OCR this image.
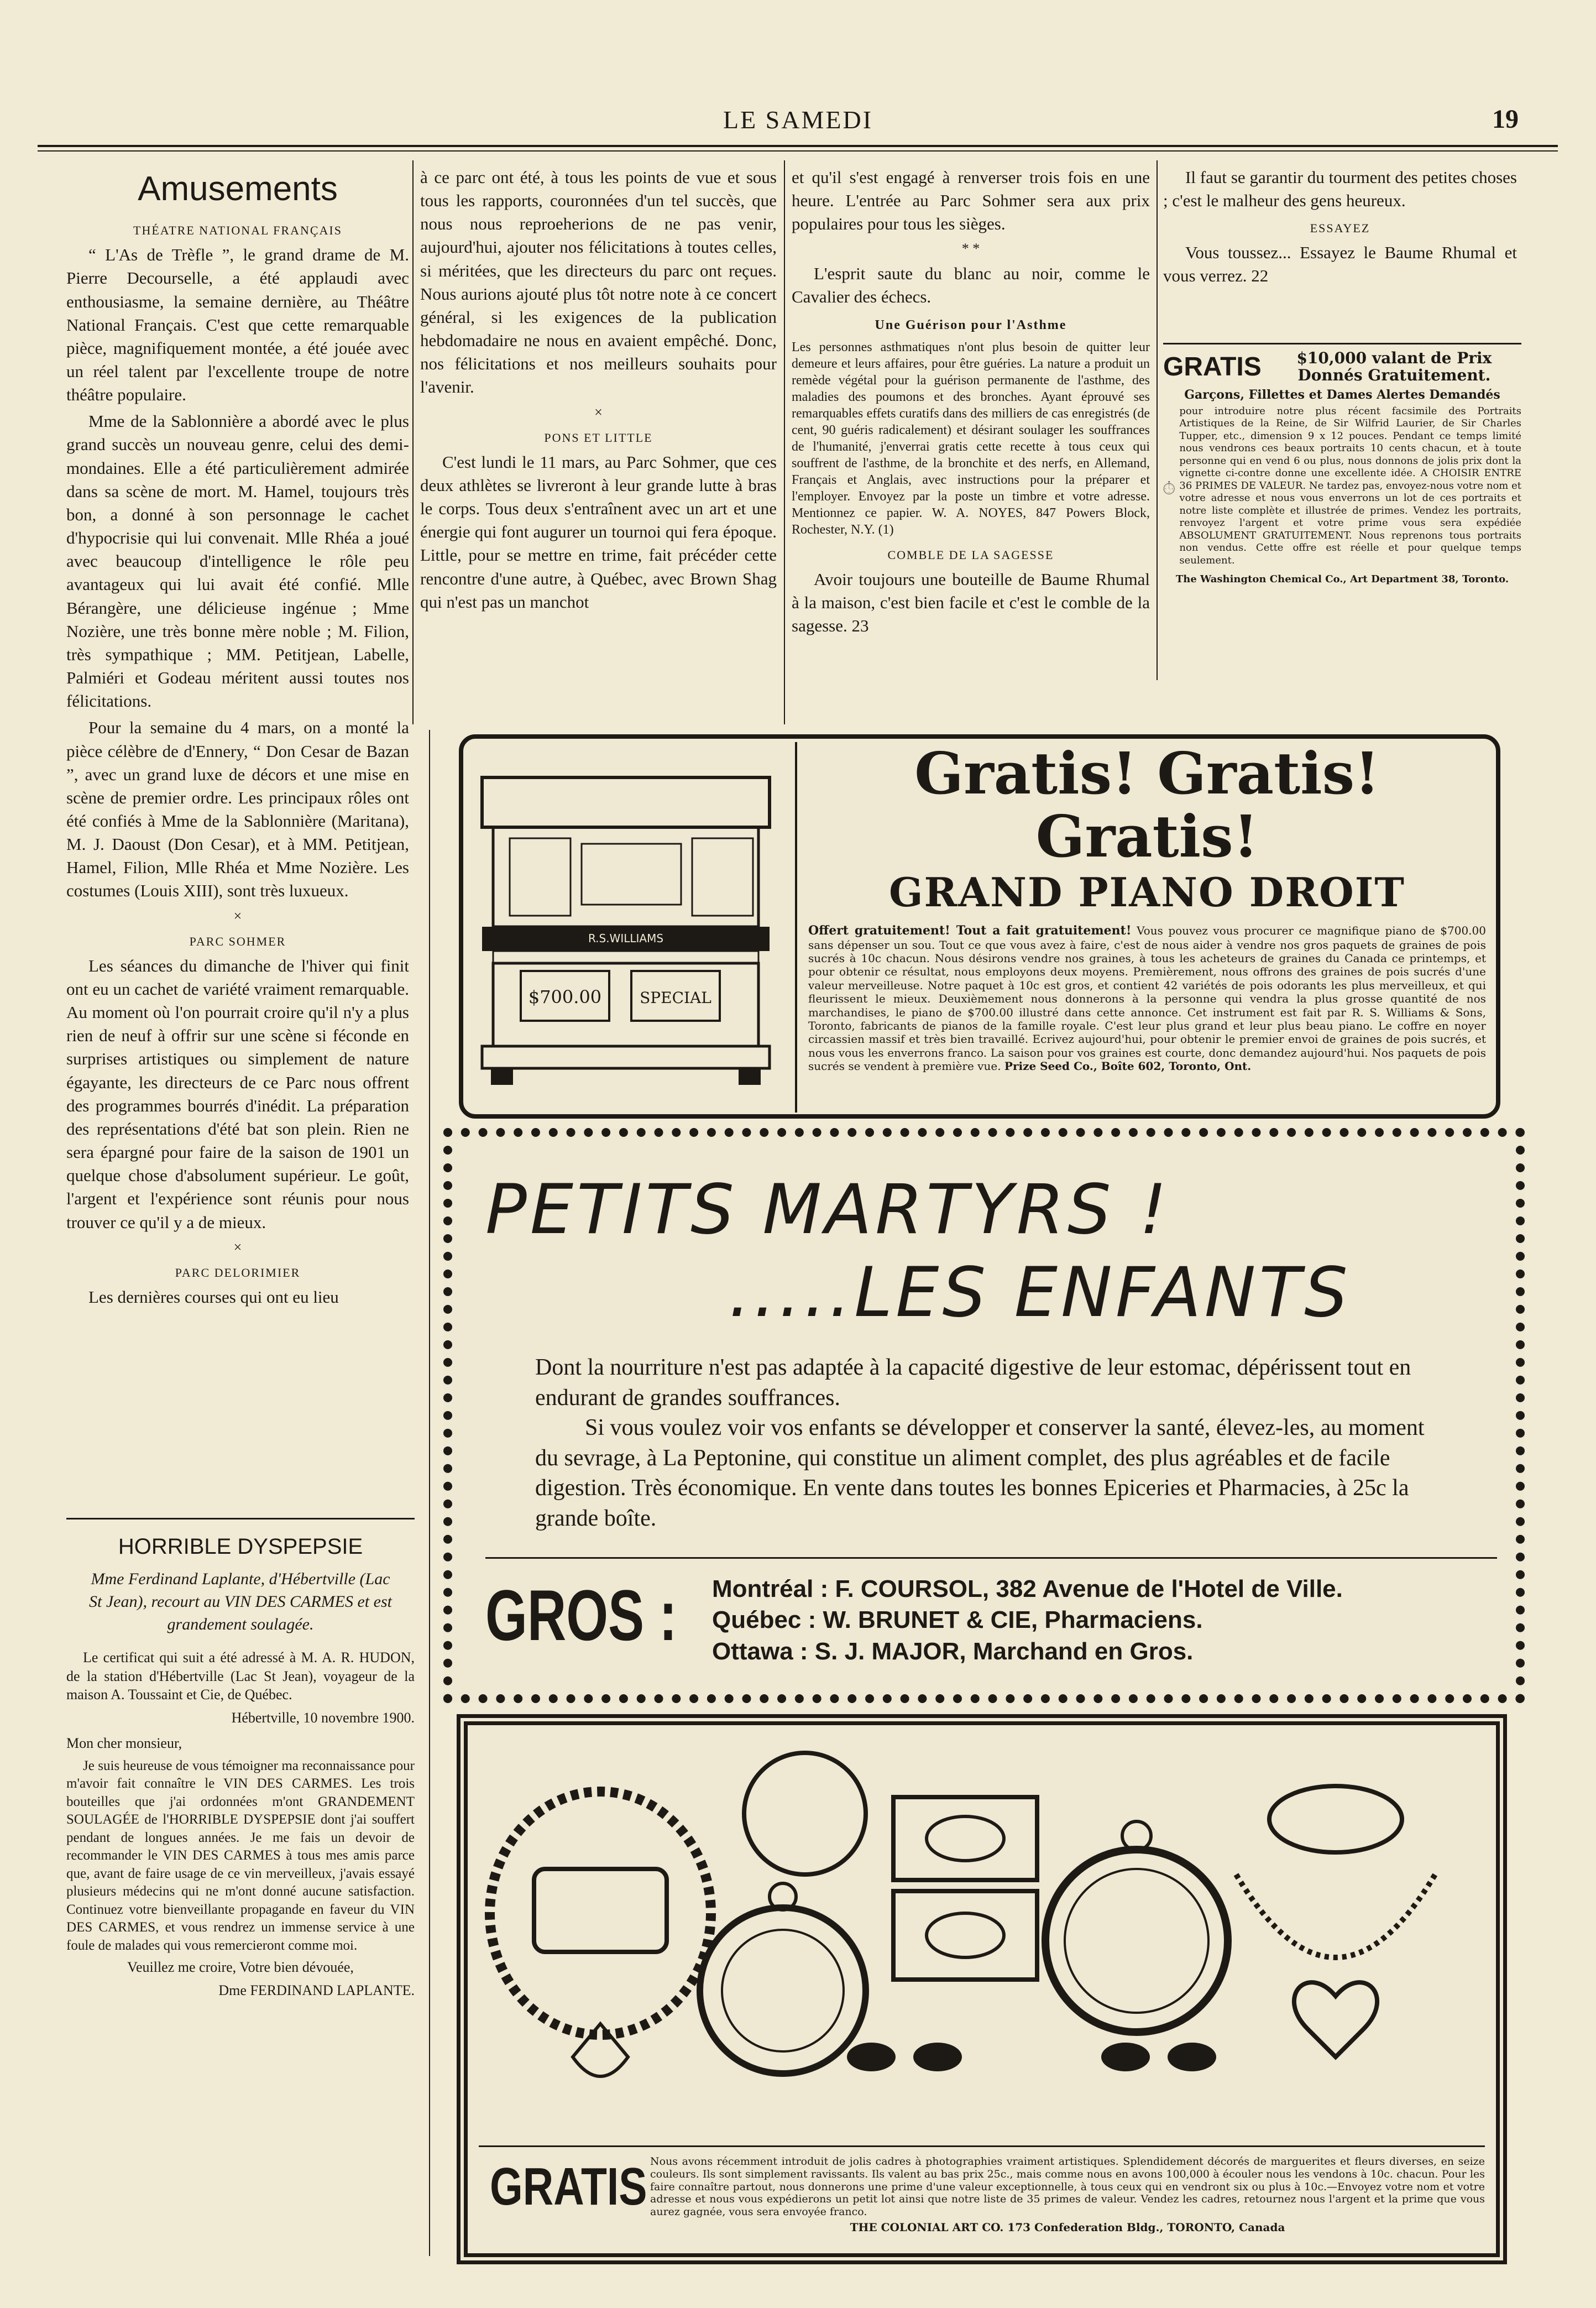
LE SAMEDI	19
Amusements
THÉATRE NATIONAL FRANÇAIS

“ L'As de Trèfle ”, le grand drame de M. Pierre Decourselle, a été applaudi avec enthousiasme, la semaine dernière, au Théâtre National Français. C'est que cette remarquable pièce, magnifiquement montée, a été jouée avec un réel talent par l'excellente troupe de notre théâtre populaire.

Mme de la Sablonnière a abordé avec le plus grand succès un nouveau genre, celui des demi-mondaines. Elle a été particulièrement admirée dans sa scène de mort. M. Hamel, toujours très bon, a donné à son personnage le cachet d'hypocrisie qui lui convenait. Mlle Rhéa a joué avec beaucoup d'intelligence le rôle peu avantageux qui lui avait été confié. Mlle Bérangère, une délicieuse ingénue ; Mme Nozière, une très bonne mère noble ; M. Filion, très sympathique ; MM. Petitjean, Labelle, Palmiéri et Godeau méritent aussi toutes nos félicitations.

Pour la semaine du 4 mars, on a monté la pièce célèbre de d'Ennery, “ Don Cesar de Bazan ”, avec un grand luxe de décors et une mise en scène de premier ordre. Les principaux rôles ont été confiés à Mme de la Sablonnière (Maritana), M. J. Daoust (Don Cesar), et à MM. Petitjean, Hamel, Filion, Mlle Rhéa et Mme Nozière. Les costumes (Louis XIII), sont très luxueux.

×
PARC SOHMER

Les séances du dimanche de l'hiver qui finit ont eu un cachet de variété vraiment remarquable. Au moment où l'on pourrait croire qu'il n'y a plus rien de neuf à offrir sur une scène si féconde en surprises artistiques ou simplement de nature égayante, les directeurs de ce Parc nous offrent des programmes bourrés d'inédit. La préparation des représentations d'été bat son plein. Rien ne sera épargné pour faire de la saison de 1901 un quelque chose d'absolument supérieur. Le goût, l'argent et l'expérience sont réunis pour nous trouver ce qu'il y a de mieux.

×
PARC DELORIMIER

Les dernières courses qui ont eu lieu

HORRIBLE DYSPEPSIE
Mme Ferdinand Laplante, d'Hébertville (Lac St Jean), recourt au VIN DES CARMES et est grandement soulagée.
Le certificat qui suit a été adressé à M. A. R. HUDON, de la station d'Hébertville (Lac St Jean), voyageur de la maison A. Toussaint et Cie, de Québec.
Hébertville, 10 novembre 1900.
Mon cher monsieur,
Je suis heureuse de vous témoigner ma reconnaissance pour m'avoir fait connaître le VIN DES CARMES. Les trois bouteilles que j'ai ordonnées m'ont GRANDEMENT SOULAGÉE de l'HORRIBLE DYSPEPSIE dont j'ai souffert pendant de longues années. Je me fais un devoir de recommander le VIN DES CARMES à tous mes amis parce que, avant de faire usage de ce vin merveilleux, j'avais essayé plusieurs médecins qui ne m'ont donné aucune satisfaction. Continuez votre bienveillante propagande en faveur du VIN DES CARMES, et vous rendrez un immense service à une foule de malades qui vous remercieront comme moi.
Veuillez me croire, Votre bien dévouée,
Dme FERDINAND LAPLANTE.

à ce parc ont été, à tous les points de vue et sous tous les rapports, couronnées d'un tel succès, que nous nous reproeherions de ne pas venir, aujourd'hui, ajouter nos félicitations à toutes celles, si méritées, que les directeurs du parc ont reçues. Nous aurions ajouté plus tôt notre note à ce concert général, si les exigences de la publication hebdomadaire ne nous en avaient empêché. Donc, nos félicitations et nos meilleurs souhaits pour l'avenir.

×
PONS ET LITTLE

C'est lundi le 11 mars, au Parc Sohmer, que ces deux athlètes se livreront à leur grande lutte à bras le corps. Tous deux s'entraînent avec un art et une énergie qui font augurer un tournoi qui fera époque. Little, pour se mettre en trime, fait précéder cette rencontre d'une autre, à Québec, avec Brown Shag qui n'est pas un manchot

et qu'il s'est engagé à renverser trois fois en une heure. L'entrée au Parc Sohmer sera aux prix populaires pour tous les sièges.

* *

L'esprit saute du blanc au noir, comme le Cavalier des échecs.

Une Guérison pour l'Asthme
Les personnes asthmatiques n'ont plus besoin de quitter leur demeure et leurs affaires, pour être guéries. La nature a produit un remède végétal pour la guérison permanente de l'asthme, des maladies des poumons et des bronches. Ayant éprouvé ses remarquables effets curatifs dans des milliers de cas enregistrés (de cent, 90 guéris radicalement) et désirant soulager les souffrances de l'humanité, j'enverrai gratis cette recette à tous ceux qui souffrent de l'asthme, de la bronchite et des nerfs, en Allemand, Français et Anglais, avec instructions pour la préparer et l'employer. Envoyez par la poste un timbre et votre adresse. Mentionnez ce papier. W. A. NOYES, 847 Powers Block, Rochester, N.Y. (1)
COMBLE DE LA SAGESSE

Avoir toujours une bouteille de Baume Rhumal à la maison, c'est bien facile et c'est le comble de la sagesse. 23

Il faut se garantir du tourment des petites choses ; c'est le malheur des gens heureux.

ESSAYEZ

Vous toussez... Essayez le Baume Rhumal et vous verrez. 22

GRATIS	$10,000 valant de Prix Donnés Gratuitement.
Garçons, Fillettes et Dames Alertes Demandés
XII
III
VI
IX
pour introduire notre plus récent facsimile des Portraits Artistiques de la Reine, de Sir Wilfrid Laurier, de Sir Charles Tupper, etc., dimension 9 x 12 pouces. Pendant ce temps limité nous vendrons ces beaux portraits 10 cents chacun, et à toute personne qui en vend 6 ou plus, nous donnons de jolis prix dont la vignette ci-contre donne une excellente idée. A CHOISIR ENTRE 36 PRIMES DE VALEUR. Ne tardez pas, envoyez-nous votre nom et votre adresse et nous vous enverrons un lot de ces portraits et notre liste complète et illustrée de primes. Vendez les portraits, renvoyez l'argent et votre prime vous sera expédiée ABSOLUMENT GRATUITEMENT. Nous reprenons tous portraits non vendus. Cette offre est réelle et pour quelque temps seulement.
The Washington Chemical Co., Art Department 38, Toronto.
R.S.WILLIAMS
$700.00 SPECIAL
Gratis! Gratis! Gratis!
GRAND PIANO DROIT
Offert gratuitement! Tout a fait gratuitement! Vous pouvez vous procurer ce magnifique piano de $700.00 sans dépenser un sou. Tout ce que vous avez à faire, c'est de nous aider à vendre nos gros paquets de graines de pois sucrés à 10c chacun. Nous désirons vendre nos graines, à tous les acheteurs de graines du Canada ce printemps, et pour obtenir ce résultat, nous employons deux moyens. Premièrement, nous offrons des graines de pois sucrés d'une valeur merveilleuse. Notre paquet à 10c est gros, et contient 42 variétés de pois odorants les plus merveilleux, et qui fleurissent le mieux. Deuxièmement nous donnerons à la personne qui vendra la plus grosse quantité de nos marchandises, le piano de $700.00 illustré dans cette annonce. Cet instrument est fait par R. S. Williams & Sons, Toronto, fabricants de pianos de la famille royale. C'est leur plus grand et leur plus beau piano. Le coffre en noyer circassien massif et très bien travaillé. Ecrivez aujourd'hui, pour obtenir le premier envoi de graines de pois sucrés, et nous vous les enverrons franco. La saison pour vos graines est courte, donc demandez aujourd'hui. Nos paquets de pois sucrés se vendent à première vue. Prize Seed Co., Boîte 602, Toronto, Ont.
PETITS MARTYRS !
.....LES ENFANTS
Dont la nourriture n'est pas adaptée à la capacité digestive de leur estomac, dépérissent tout en endurant de grandes souffrances.
Si vous voulez voir vos enfants se développer et conserver la santé, élevez-les, au moment du sevrage, à La Peptonine, qui constitue un aliment complet, des plus agréables et de facile digestion. Très économique. En vente dans toutes les bonnes Epiceries et Pharmacies, à 25c la grande boîte.
GROS : Montréal : F. COURSOL, 382 Avenue de l'Hotel de Ville.
Québec : W. BRUNET & CIE, Pharmaciens.
Ottawa : S. J. MAJOR, Marchand en Gros.
GRATIS Nous avons récemment introduit de jolis cadres à photographies vraiment artistiques. Splendidement décorés de marguerites et fleurs diverses, en seize couleurs. Ils sont simplement ravissants. Ils valent au bas prix 25c., mais comme nous en avons 100,000 à écouler nous les vendons à 10c. chacun. Pour les faire connaître partout, nous donnerons une prime d'une valeur exceptionnelle, à tous ceux qui en vendront six ou plus à 10c.—Envoyez votre nom et votre adresse et nous vous expédierons un petit lot ainsi que notre liste de 35 primes de valeur. Vendez les cadres, retournez nous l'argent et la prime que vous aurez gagnée, vous sera envoyée franco.
THE COLONIAL ART CO. 173 Confederation Bldg., TORONTO, Canada
